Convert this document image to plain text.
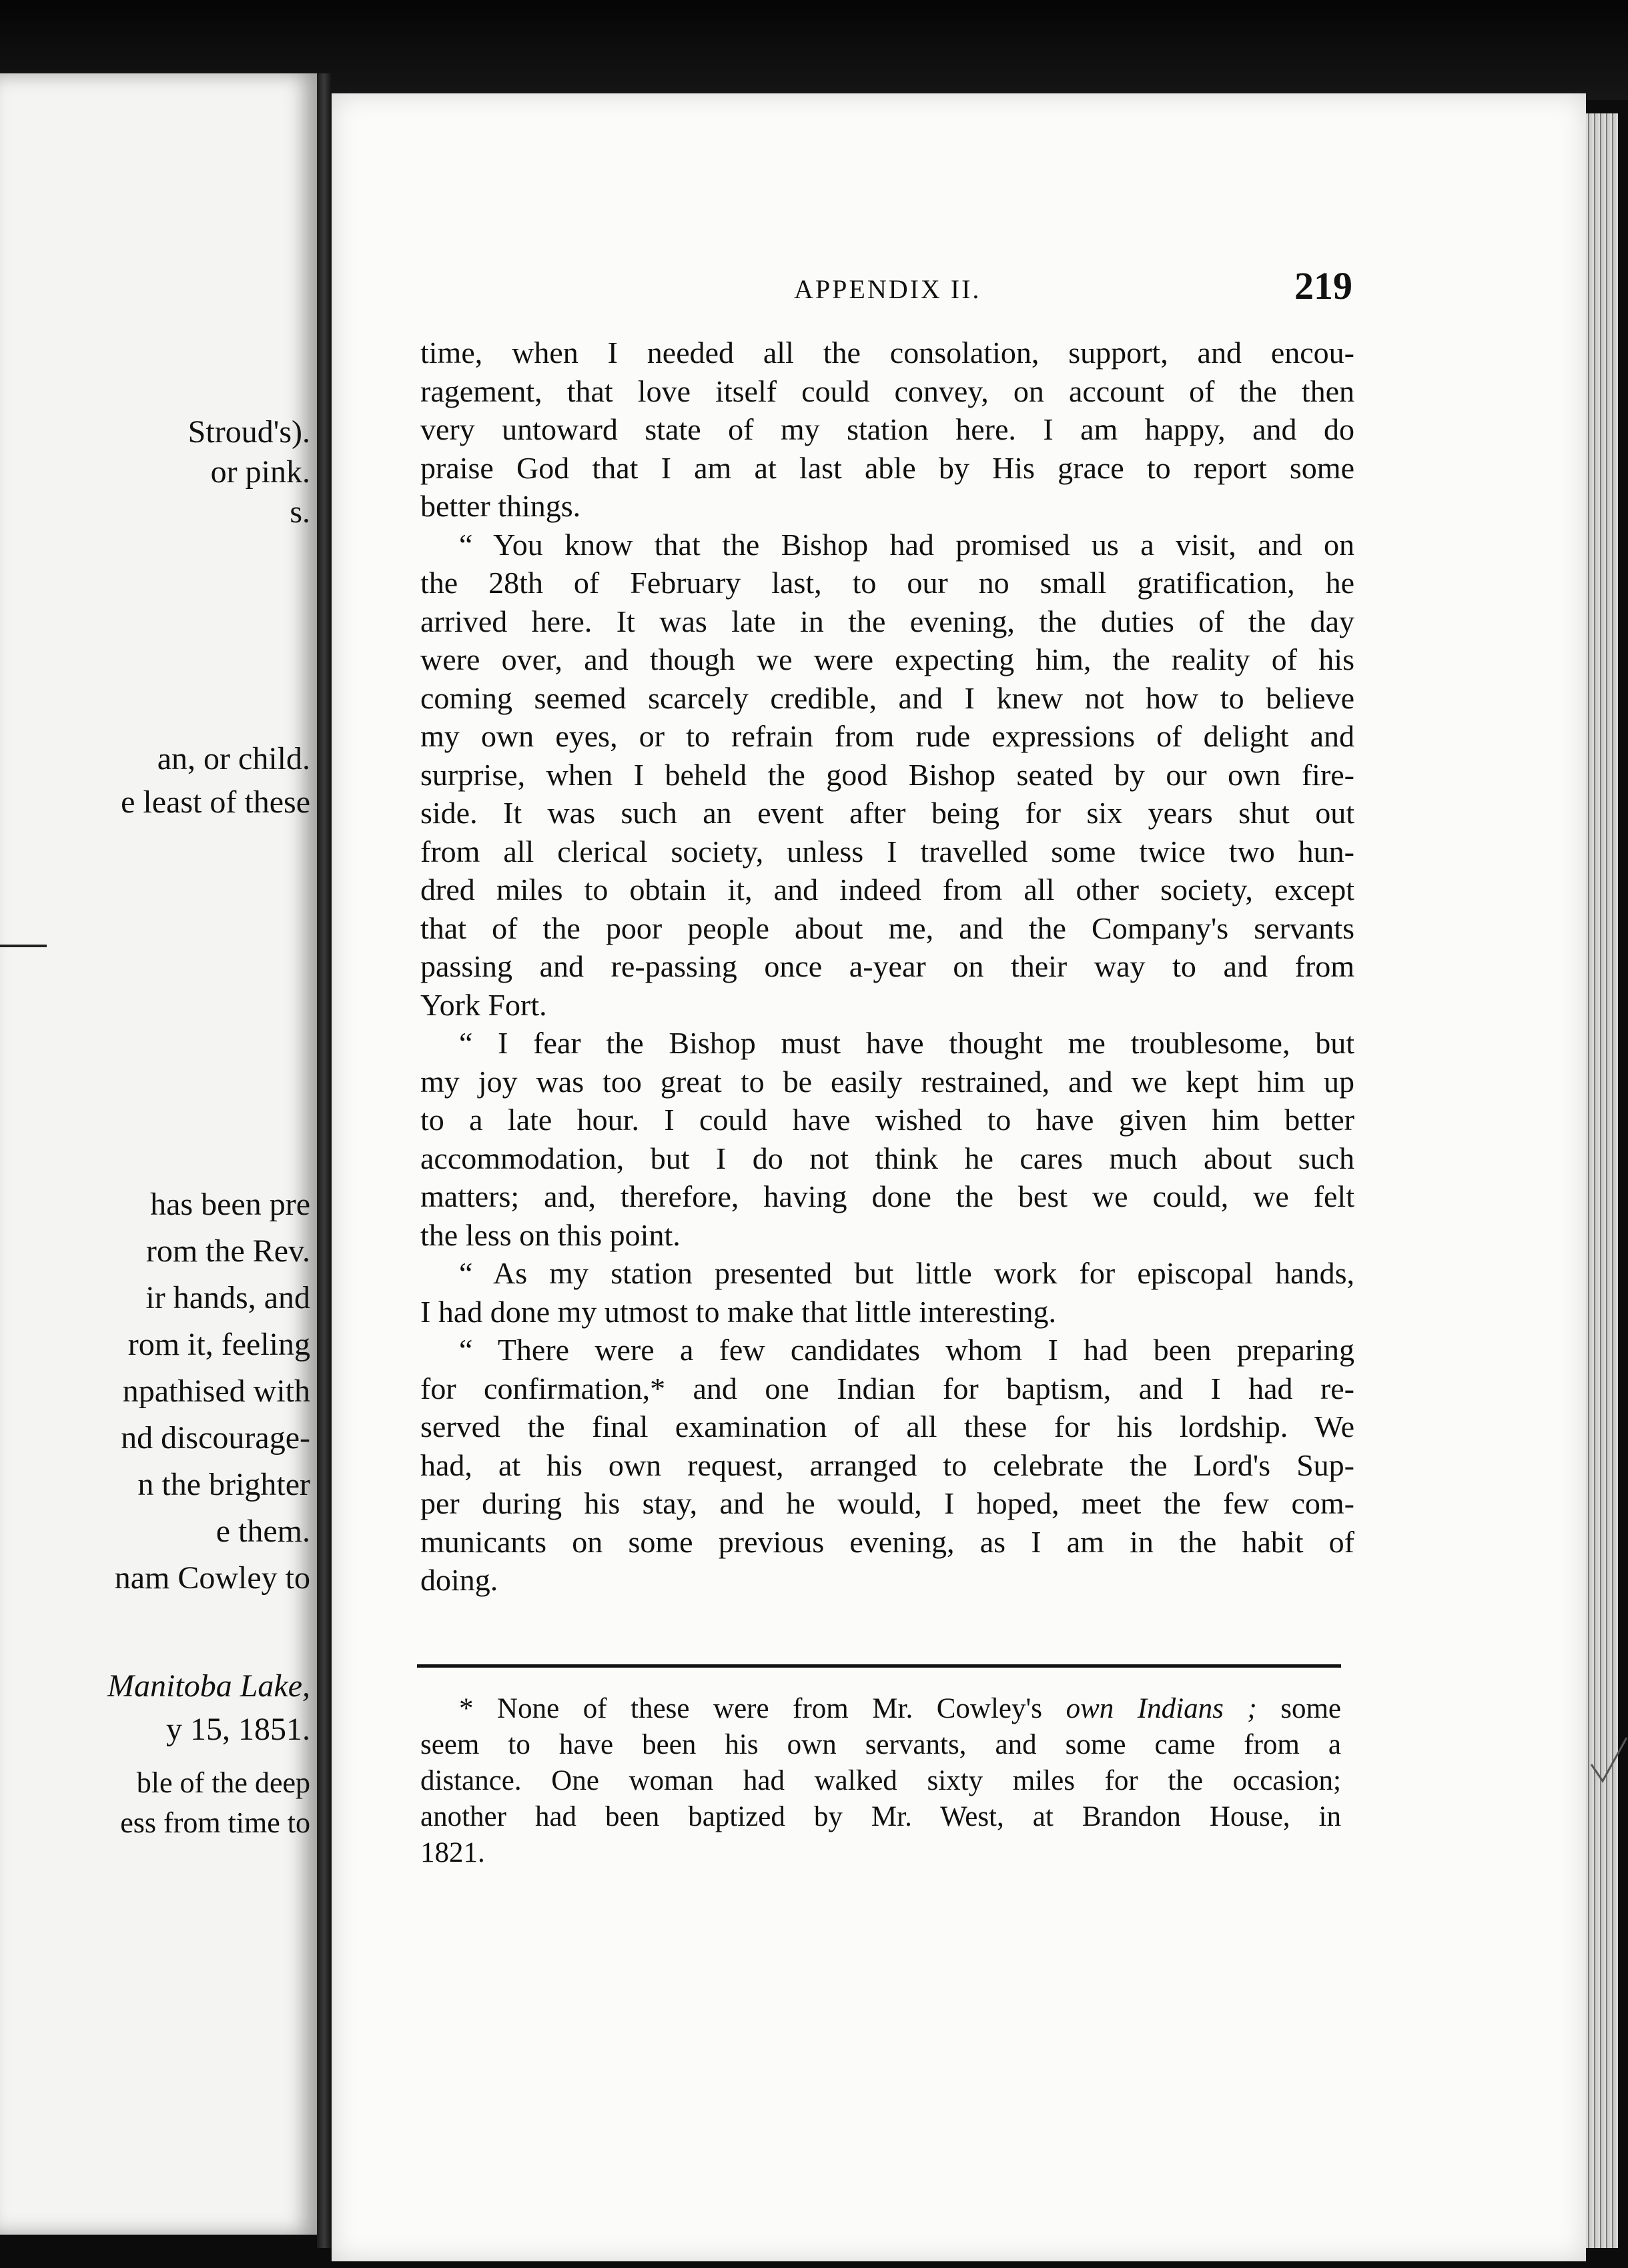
Stroud's).
or pink.
s.
an, or child.
e least of these
has been pre
rom the Rev.
ir hands, and
rom it, feeling
npathised with
nd discourage-
n the brighter
e them.
nam Cowley to
Manitoba Lake,
y 15, 1851.
ble of the deep
ess from time to
APPENDIX II.	219
time, when I needed all the consolation, support, and encou-
ragement, that love itself could convey, on account of the then
very untoward state of my station here. I am happy, and do
praise God that I am at last able by His grace to report some
better things.
“ You know that the Bishop had promised us a visit, and on
the 28th of February last, to our no small gratification, he
arrived here. It was late in the evening, the duties of the day
were over, and though we were expecting him, the reality of his
coming seemed scarcely credible, and I knew not how to believe
my own eyes, or to refrain from rude expressions of delight and
surprise, when I beheld the good Bishop seated by our own fire-
side. It was such an event after being for six years shut out
from all clerical society, unless I travelled some twice two hun-
dred miles to obtain it, and indeed from all other society, except
that of the poor people about me, and the Company's servants
passing and re-passing once a-year on their way to and from
York Fort.
“ I fear the Bishop must have thought me troublesome, but
my joy was too great to be easily restrained, and we kept him up
to a late hour. I could have wished to have given him better
accommodation, but I do not think he cares much about such
matters; and, therefore, having done the best we could, we felt
the less on this point.
“ As my station presented but little work for episcopal hands,
I had done my utmost to make that little interesting.
“ There were a few candidates whom I had been preparing
for confirmation,* and one Indian for baptism, and I had re-
served the final examination of all these for his lordship. We
had, at his own request, arranged to celebrate the Lord's Sup-
per during his stay, and he would, I hoped, meet the few com-
municants on some previous evening, as I am in the habit of
doing.
* None of these were from Mr. Cowley's own Indians ; some
seem to have been his own servants, and some came from a
distance. One woman had walked sixty miles for the occasion;
another had been baptized by Mr. West, at Brandon House, in
1821.
